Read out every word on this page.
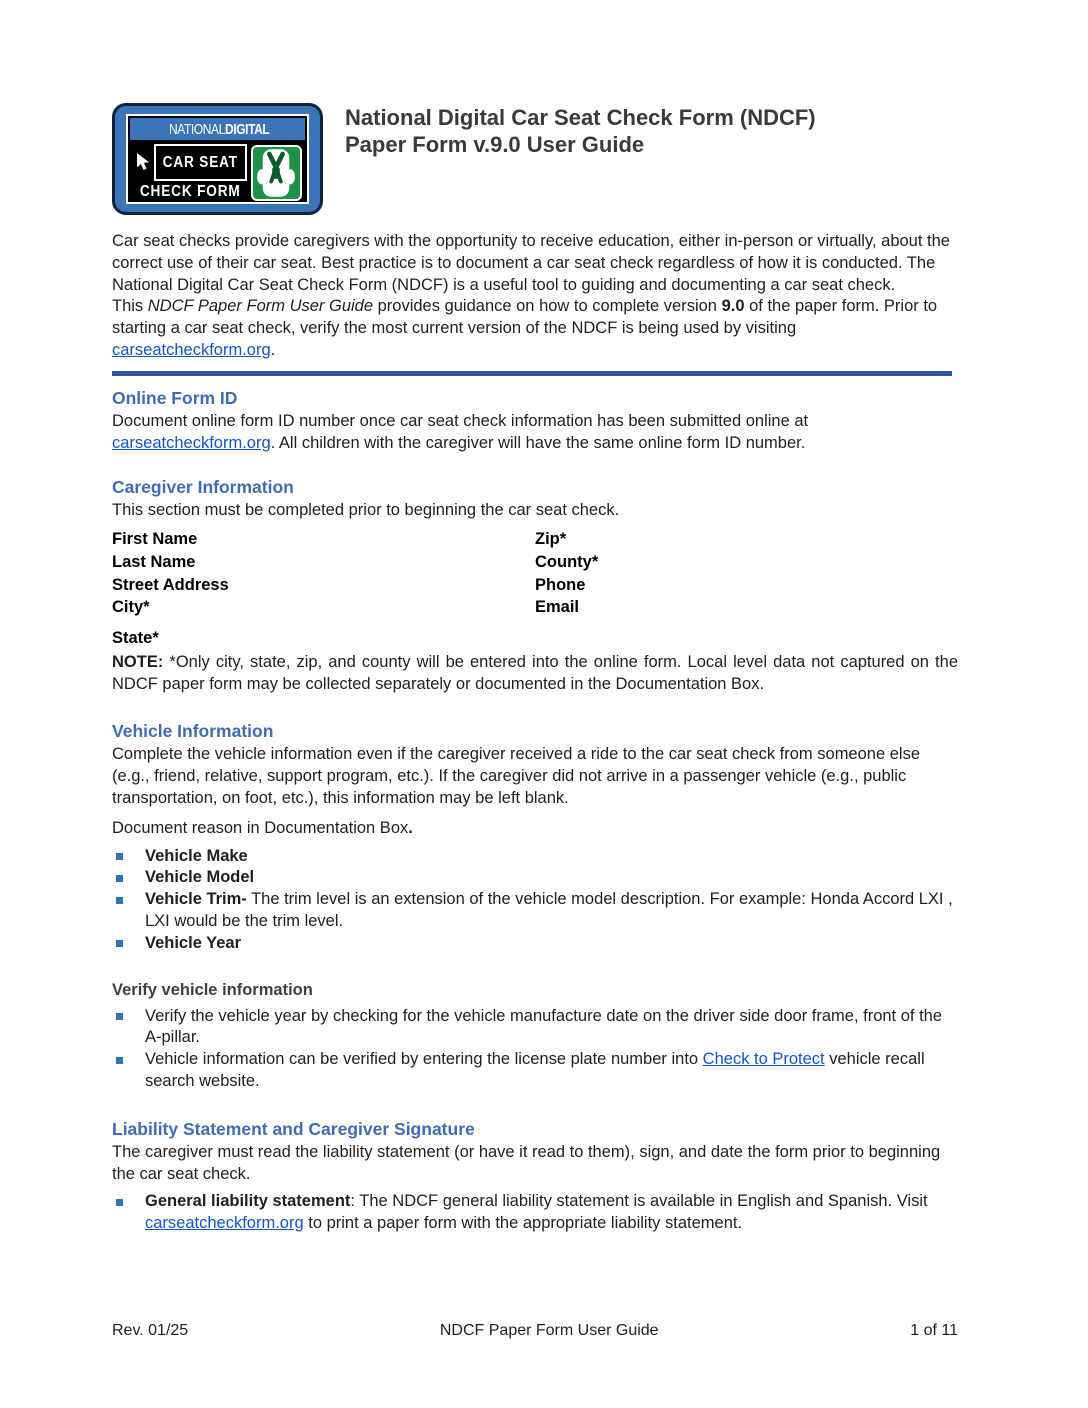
NATIONAL DIGITAL
CAR SEAT
CHECK FORM
National Digital Car Seat Check Form (NDCF)
Paper Form v.9.0 User Guide

Car seat checks provide caregivers with the opportunity to receive education, either in-person or virtually, about the correct use of their car seat. Best practice is to document a car seat check regardless of how it is conducted. The National Digital Car Seat Check Form (NDCF) is a useful tool to guiding and documenting a car seat check.

This NDCF Paper Form User Guide provides guidance on how to complete version 9.0 of the paper form. Prior to starting a car seat check, verify the most current version of the NDCF is being used by visiting carseatcheckform.org.

Online Form ID

Document online form ID number once car seat check information has been submitted online at carseatcheckform.org. All children with the caregiver will have the same online form ID number.

Caregiver Information

This section must be completed prior to beginning the car seat check.

First Name	Zip*
Last Name	County*
Street Address	Phone
City*	Email

State*

NOTE: *Only city, state, zip, and county will be entered into the online form. Local level data not captured on the NDCF paper form may be collected separately or documented in the Documentation Box.

Vehicle Information

Complete the vehicle information even if the caregiver received a ride to the car seat check from someone else (e.g., friend, relative, support program, etc.). If the caregiver did not arrive in a passenger vehicle (e.g., public transportation, on foot, etc.), this information may be left blank.

Document reason in Documentation Box.

Vehicle Make
Vehicle Model
Vehicle Trim- The trim level is an extension of the vehicle model description. For example: Honda Accord LXI , LXI would be the trim level.
Vehicle Year
Verify vehicle information
Verify the vehicle year by checking for the vehicle manufacture date on the driver side door frame, front of the A-pillar.
Vehicle information can be verified by entering the license plate number into Check to Protect vehicle recall search website.
Liability Statement and Caregiver Signature

The caregiver must read the liability statement (or have it read to them), sign, and date the form prior to beginning the car seat check.

General liability statement: The NDCF general liability statement is available in English and Spanish. Visit carseatcheckform.org to print a paper form with the appropriate liability statement.
Rev. 01/25	NDCF Paper Form User Guide	1 of 11
